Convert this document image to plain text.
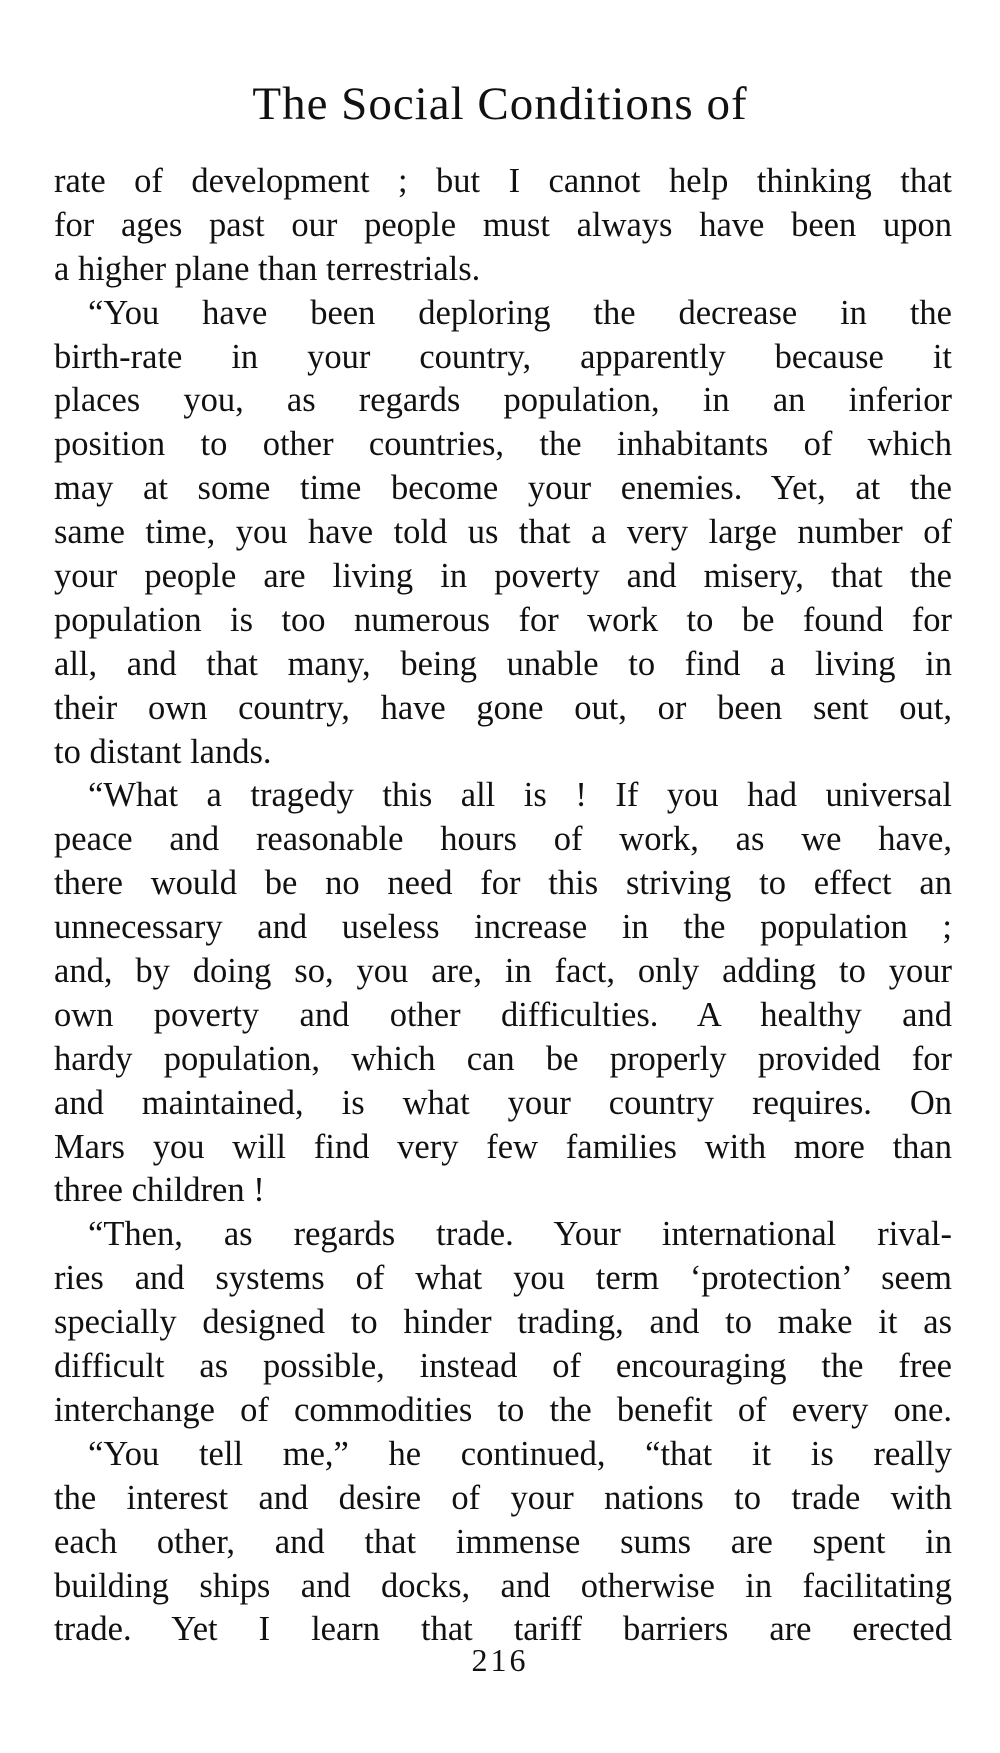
The Social Conditions of
rate of development ; but I cannot help thinking that
for ages past our people must always have been upon
a higher plane than terrestrials.
“You have been deploring the decrease in the
birth-rate in your country, apparently because it
places you, as regards population, in an inferior
position to other countries, the inhabitants of which
may at some time become your enemies. Yet, at the
same time, you have told us that a very large number of
your people are living in poverty and misery, that the
population is too numerous for work to be found for
all, and that many, being unable to find a living in
their own country, have gone out, or been sent out,
to distant lands.
“What a tragedy this all is ! If you had universal
peace and reasonable hours of work, as we have,
there would be no need for this striving to effect an
unnecessary and useless increase in the population ;
and, by doing so, you are, in fact, only adding to your
own poverty and other difficulties. A healthy and
hardy population, which can be properly provided for
and maintained, is what your country requires. On
Mars you will find very few families with more than
three children !
“Then, as regards trade. Your international rival-
ries and systems of what you term ‘protection’ seem
specially designed to hinder trading, and to make it as
difficult as possible, instead of encouraging the free
interchange of commodities to the benefit of every one.
“You tell me,” he continued, “that it is really
the interest and desire of your nations to trade with
each other, and that immense sums are spent in
building ships and docks, and otherwise in facilitating
trade. Yet I learn that tariff barriers are erected
216
